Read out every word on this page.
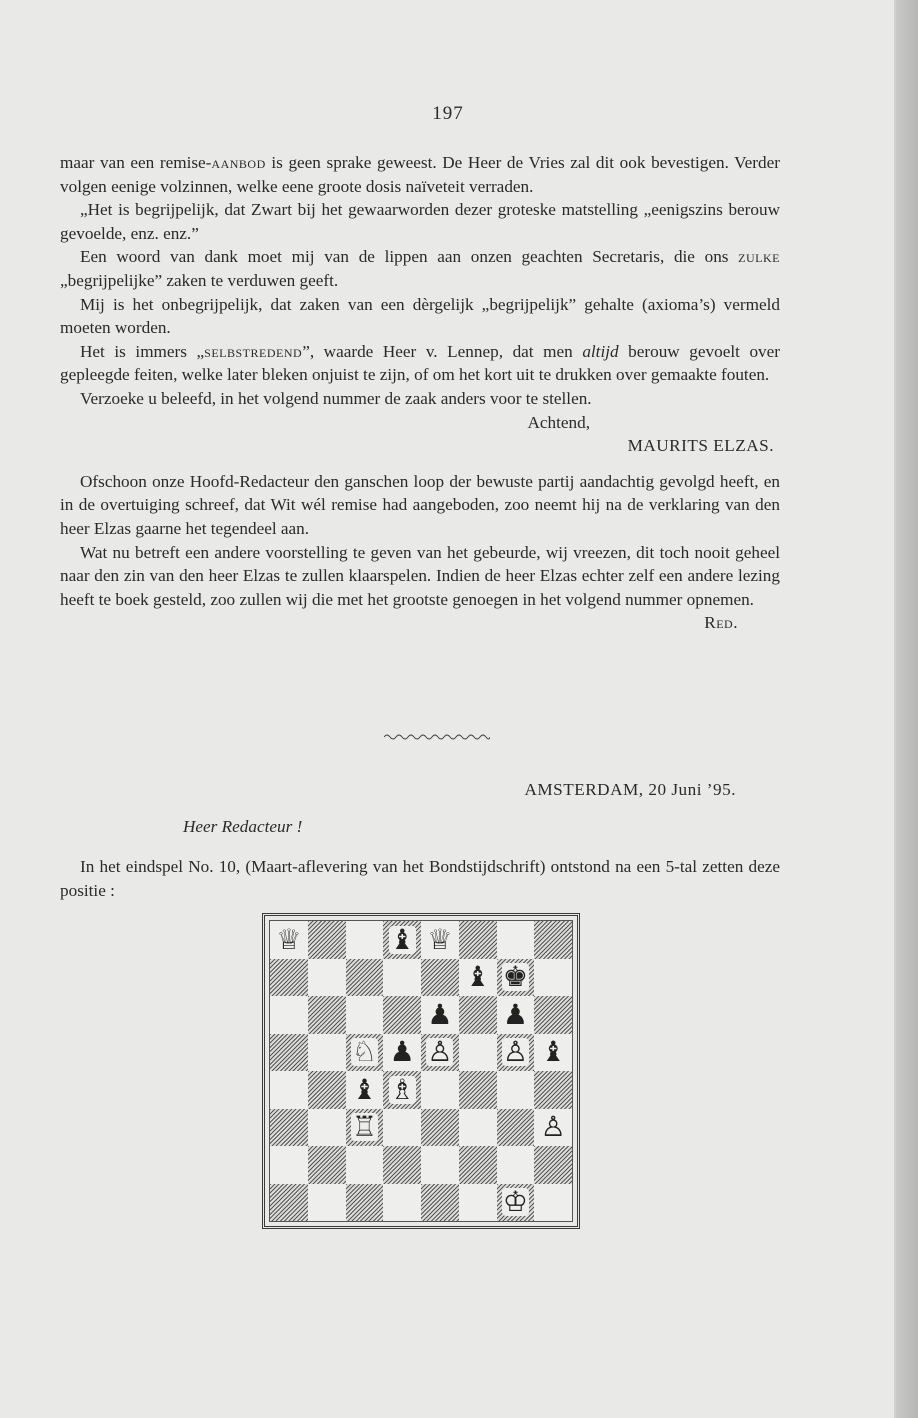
197

maar van een remise-aanbod is geen sprake geweest. De Heer de Vries zal dit ook bevestigen. Verder volgen eenige volzinnen, welke eene groote dosis naïveteit verraden.

„Het is begrijpelijk, dat Zwart bij het gewaarworden dezer groteske matstelling „eenigszins berouw gevoelde, enz. enz.”

Een woord van dank moet mij van de lippen aan onzen geachten Secretaris, die ons zulke „begrijpelijke” zaken te verduwen geeft.

Mij is het onbegrijpelijk, dat zaken van een dèrgelijk „begrijpelijk” gehalte (axioma’s) vermeld moeten worden.

Het is immers „selbstredend”, waarde Heer v. Lennep, dat men altijd berouw gevoelt over gepleegde feiten, welke later bleken onjuist te zijn, of om het kort uit te drukken over gemaakte fouten.

Verzoeke u beleefd, in het volgend nummer de zaak anders voor te stellen.

Achtend,

MAURITS ELZAS.

Ofschoon onze Hoofd-Redacteur den ganschen loop der bewuste partij aandachtig gevolgd heeft, en in de overtuiging schreef, dat Wit wél remise had aangeboden, zoo neemt hij na de verklaring van den heer Elzas gaarne het tegendeel aan.

Wat nu betreft een andere voorstelling te geven van het gebeurde, wij vreezen, dit toch nooit geheel naar den zin van den heer Elzas te zullen klaarspelen. Indien de heer Elzas echter zelf een andere lezing heeft te boek gesteld, zoo zullen wij die met het grootste genoegen in het volgend nummer opnemen.

Red.

AMSTERDAM, 20 Juni ’95.
Heer Redacteur !

In het eindspel No. 10, (Maart-aflevering van het Bondstijdschrift) ontstond na een 5-tal zetten deze positie :

♕	♝ ♕
♝ ♚
♟ ♟
♘ ♟ ♙ ♙ ♝
♝ ♗
♖	♙
♔
